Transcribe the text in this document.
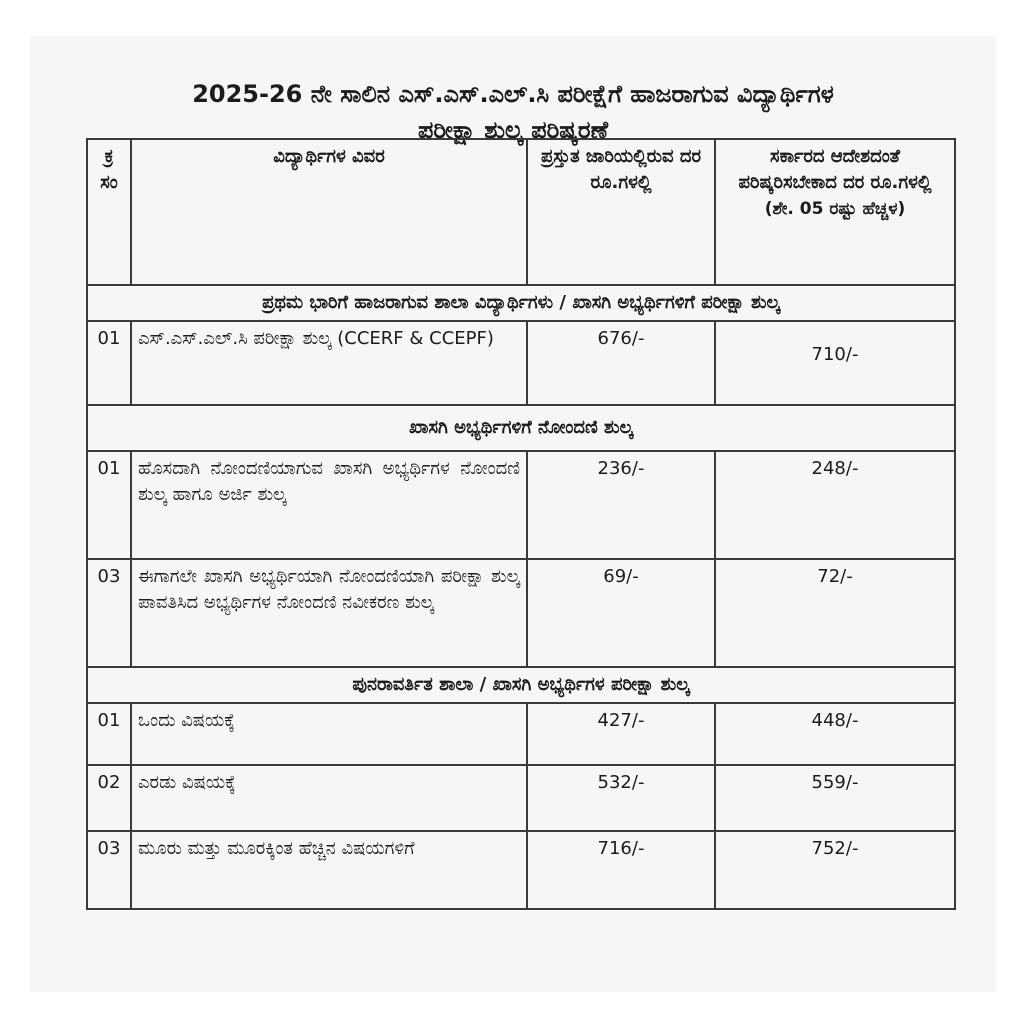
2025-26 ನೇ ಸಾಲಿನ ಎಸ್.ಎಸ್.ಎಲ್.ಸಿ ಪರೀಕ್ಷೆಗೆ ಹಾಜರಾಗುವ ವಿದ್ಯಾರ್ಥಿಗಳ
ಪರೀಕ್ಷಾ ಶುಲ್ಕ ಪರಿಷ್ಕರಣೆ
ಕ್ರ ಸಂ	ವಿದ್ಯಾರ್ಥಿಗಳ ವಿವರ	ಪ್ರಸ್ತುತ ಜಾರಿಯಲ್ಲಿರುವ ದರ ರೂ.ಗಳಲ್ಲಿ	ಸರ್ಕಾರದ ಆದೇಶದಂತೆ ಪರಿಷ್ಕರಿಸಬೇಕಾದ ದರ ರೂ.ಗಳಲ್ಲಿ
(ಶೇ. 05 ರಷ್ಟು ಹೆಚ್ಚಳ)

ಪ್ರಥಮ ಭಾರಿಗೆ ಹಾಜರಾಗುವ ಶಾಲಾ ವಿದ್ಯಾರ್ಥಿಗಳು / ಖಾಸಗಿ ಅಭ್ಯರ್ಥಿಗಳಿಗೆ ಪರೀಕ್ಷಾ ಶುಲ್ಕ			
01	ಎಸ್.ಎಸ್.ಎಲ್.ಸಿ ಪರೀಕ್ಷಾ ಶುಲ್ಕ (CCERF & CCEPF)	676/-	710/-
ಖಾಸಗಿ ಅಭ್ಯರ್ಥಿಗಳಿಗೆ ನೋಂದಣಿ ಶುಲ್ಕ			
01	ಹೊಸದಾಗಿ ನೋಂದಣಿಯಾಗುವ ಖಾಸಗಿ ಅಭ್ಯರ್ಥಿಗಳ ನೋಂದಣಿ ಶುಲ್ಕ ಹಾಗೂ ಅರ್ಜಿ ಶುಲ್ಕ	236/-	248/-
03	ಈಗಾಗಲೇ ಖಾಸಗಿ ಅಭ್ಯರ್ಥಿಯಾಗಿ ನೋಂದಣಿಯಾಗಿ ಪರೀಕ್ಷಾ ಶುಲ್ಕ ಪಾವತಿಸಿದ ಅಭ್ಯರ್ಥಿಗಳ ನೋಂದಣಿ ನವೀಕರಣ ಶುಲ್ಕ	69/-	72/-
ಪುನರಾವರ್ತಿತ ಶಾಲಾ / ಖಾಸಗಿ ಅಭ್ಯರ್ಥಿಗಳ ಪರೀಕ್ಷಾ ಶುಲ್ಕ			
01	ಒಂದು ವಿಷಯಕ್ಕೆ	427/-	448/-
02	ಎರಡು ವಿಷಯಕ್ಕೆ	532/-	559/-
03	ಮೂರು ಮತ್ತು ಮೂರಕ್ಕಿಂತ ಹೆಚ್ಚಿನ ವಿಷಯಗಳಿಗೆ	716/-	752/-
